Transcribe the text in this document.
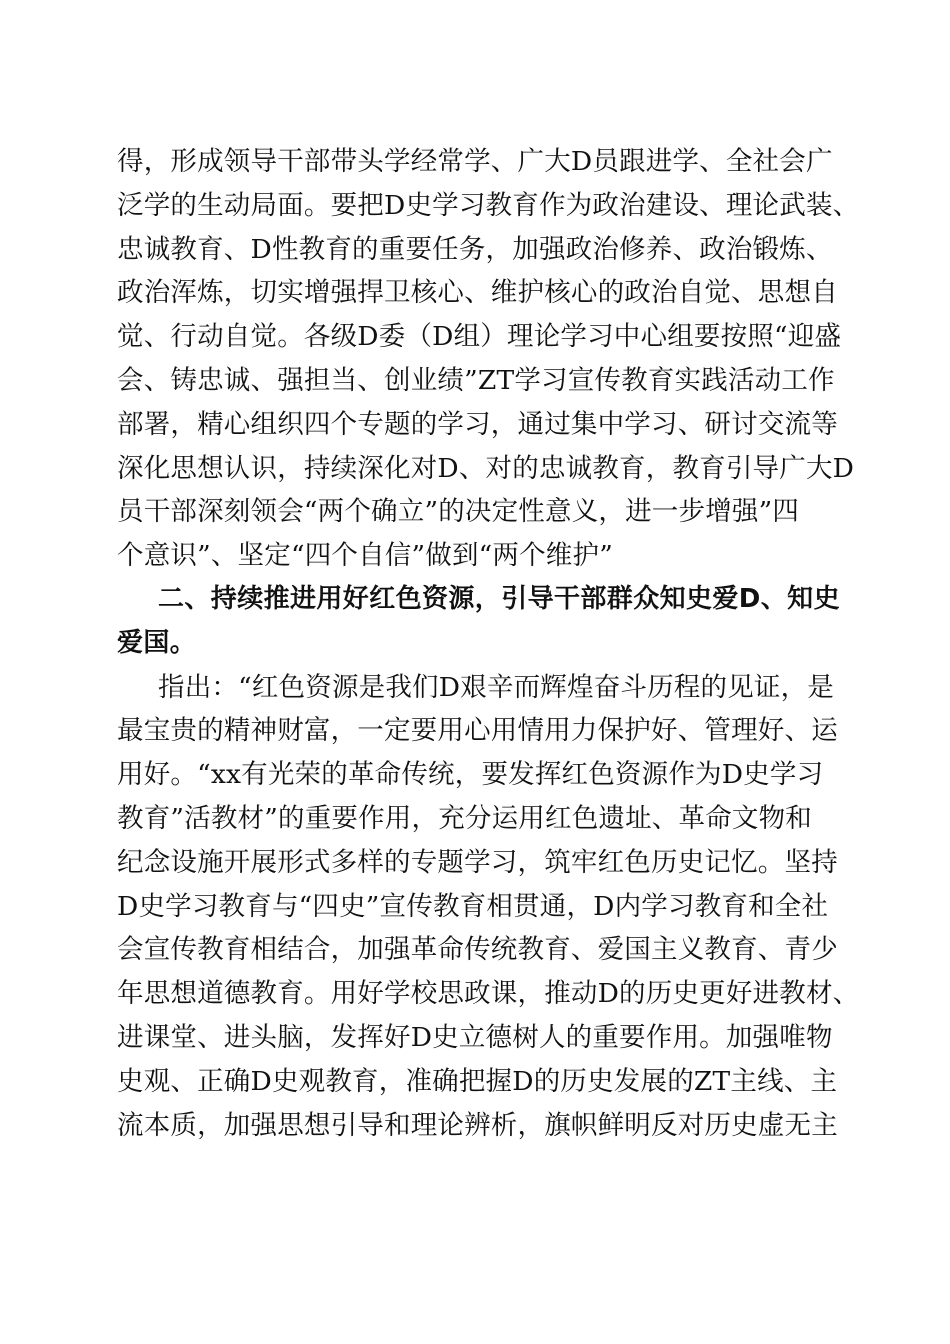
得，形成领导干部带头学经常学、广大D员跟进学、全社会广
泛学的生动局面。要把D史学习教育作为政治建设、理论武装、
忠诚教育、D性教育的重要任务，加强政治修养、政治锻炼、
政治浑炼，切实增强捍卫核心、维护核心的政治自觉、思想自
觉、行动自觉。各级D委（D组）理论学习中心组要按照“迎盛
会、铸忠诚、强担当、创业绩”ZT学习宣传教育实践活动工作
部署，精心组织四个专题的学习，通过集中学习、研讨交流等
深化思想认识，持续深化对D、对的忠诚教育，教育引导广大D
员干部深刻领会“两个确立”的决定性意义，进一步增强”四
个意识”、坚定“四个自信”做到“两个维护”
二、持续推进用好红色资源，引导干部群众知史爱D、知史
爱国。
指出：“红色资源是我们D艰辛而辉煌奋斗历程的见证，是
最宝贵的精神财富，一定要用心用情用力保护好、管理好、运
用好。“xx有光荣的革命传统，要发挥红色资源作为D史学习
教育”活教材”的重要作用，充分运用红色遗址、革命文物和
纪念设施开展形式多样的专题学习，筑牢红色历史记忆。坚持
D史学习教育与“四史”宣传教育相贯通，D内学习教育和全社
会宣传教育相结合，加强革命传统教育、爱国主义教育、青少
年思想道德教育。用好学校思政课，推动D的历史更好进教材、
进课堂、进头脑，发挥好D史立德树人的重要作用。加强唯物
史观、正确D史观教育，准确把握D的历史发展的ZT主线、主
流本质，加强思想引导和理论辨析，旗帜鲜明反对历史虚无主
